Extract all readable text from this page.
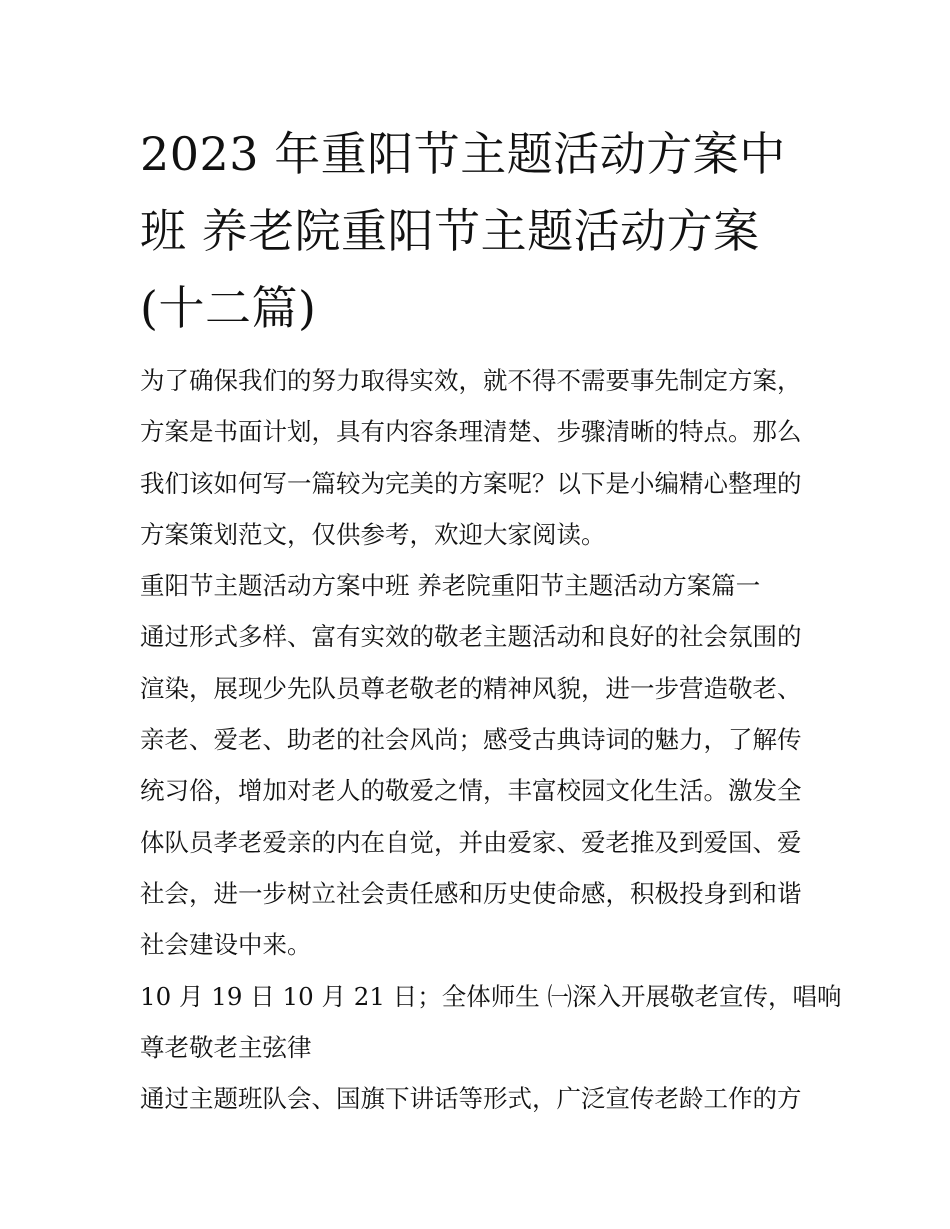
2023 年重阳节主题活动方案中
班 养老院重阳节主题活动方案
(十二篇)
为了确保我们的努力取得实效，就不得不需要事先制定方案，
方案是书面计划，具有内容条理清楚、步骤清晰的特点。那么
我们该如何写一篇较为完美的方案呢？以下是小编精心整理的
方案策划范文，仅供参考，欢迎大家阅读。
重阳节主题活动方案中班 养老院重阳节主题活动方案篇一
通过形式多样、富有实效的敬老主题活动和良好的社会氛围的
渲染，展现少先队员尊老敬老的精神风貌，进一步营造敬老、
亲老、爱老、助老的社会风尚；感受古典诗词的魅力，了解传
统习俗，增加对老人的敬爱之情，丰富校园文化生活。激发全
体队员孝老爱亲的内在自觉，并由爱家、爱老推及到爱国、爱
社会，进一步树立社会责任感和历史使命感，积极投身到和谐
社会建设中来。
10 月 19 日 10 月 21 日；全体师生 ㈠深入开展敬老宣传，唱响
尊老敬老主弦律
通过主题班队会、国旗下讲话等形式，广泛宣传老龄工作的方
